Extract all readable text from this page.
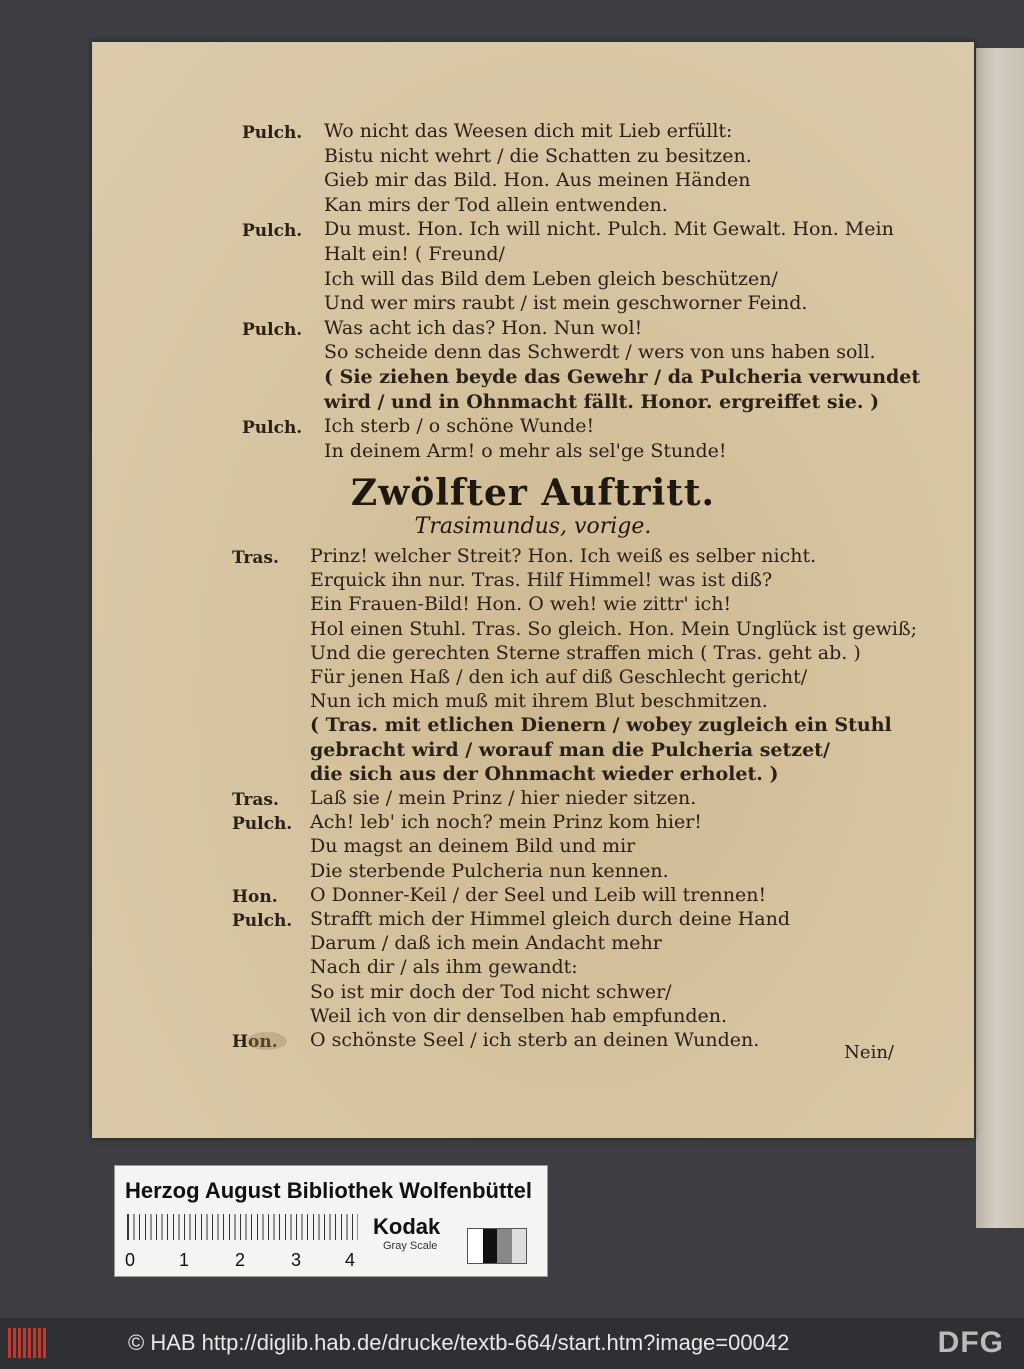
Pulch. Wo nicht das Weesen dich mit Lieb erfüllt:
Bistu nicht wehrt / die Schatten zu besitzen.
Gieb mir das Bild. Hon. Aus meinen Händen
Kan mirs der Tod allein entwenden.
Pulch. Du must. Hon. Ich will nicht. Pulch. Mit Gewalt. Hon. Mein
Halt ein! ( Freund/
Ich will das Bild dem Leben gleich beschützen/
Und wer mirs raubt / ist mein geschworner Feind.
Pulch. Was acht ich das? Hon. Nun wol!
So scheide denn das Schwerdt / wers von uns haben soll.
( Sie ziehen beyde das Gewehr / da Pulcheria verwundet
wird / und in Ohnmacht fällt. Honor. ergreiffet sie. )
Pulch. Ich sterb / o schöne Wunde!
In deinem Arm! o mehr als sel'ge Stunde!
Zwölfter Auftritt.
Trasimundus, vorige.
Tras. Prinz! welcher Streit? Hon. Ich weiß es selber nicht.
Erquick ihn nur. Tras. Hilf Himmel! was ist diß?
Ein Frauen-Bild! Hon. O weh! wie zittr' ich!
Hol einen Stuhl. Tras. So gleich. Hon. Mein Unglück ist gewiß;
Und die gerechten Sterne straffen mich ( Tras. geht ab. )
Für jenen Haß / den ich auf diß Geschlecht gericht/
Nun ich mich muß mit ihrem Blut beschmitzen.
( Tras. mit etlichen Dienern / wobey zugleich ein Stuhl
gebracht wird / worauf man die Pulcheria setzet/
die sich aus der Ohnmacht wieder erholet. )
Tras. Laß sie / mein Prinz / hier nieder sitzen.
Pulch. Ach! leb' ich noch? mein Prinz kom hier!
Du magst an deinem Bild und mir
Die sterbende Pulcheria nun kennen.
Hon. O Donner-Keil / der Seel und Leib will trennen!
Pulch. Strafft mich der Himmel gleich durch deine Hand
Darum / daß ich mein Andacht mehr
Nach dir / als ihm gewandt:
So ist mir doch der Tod nicht schwer/
Weil ich von dir denselben hab empfunden.
Hon. O schönste Seel / ich sterb an deinen Wunden.
Nein/
Herzog August Bibliothek Wolfenbüttel
0 1	2	3 4
Kodak
Gray Scale
© HAB http://diglib.hab.de/drucke/textb-664/start.htm?image=00042	DFG
